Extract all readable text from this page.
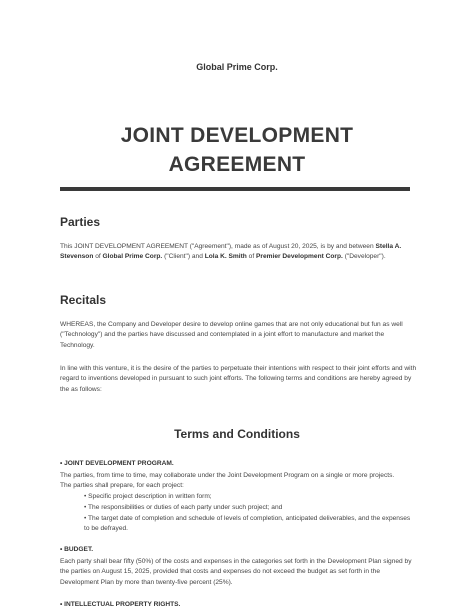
Global Prime Corp.
JOINT DEVELOPMENT
AGREEMENT
Parties
This JOINT DEVELOPMENT AGREEMENT ("Agreement"), made as of August 20, 2025, is by and between Stella A. Stevenson of Global Prime Corp. ("Client") and Lola K. Smith of Premier Development Corp. ("Developer").
Recitals
WHEREAS, the Company and Developer desire to develop online games that are not only educational but fun as well ("Technology") and the parties have discussed and contemplated in a joint effort to manufacture and market the Technology.
In line with this venture, it is the desire of the parties to perpetuate their intentions with respect to their joint efforts and with regard to inventions developed in pursuant to such joint efforts. The following terms and conditions are hereby agreed by the as follows:
Terms and Conditions
• JOINT DEVELOPMENT PROGRAM.
The parties, from time to time, may collaborate under the Joint Development Program on a single or more projects.
The parties shall prepare, for each project:
• Specific project description in written form;
• The responsibilities or duties of each party under such project; and
• The target date of completion and schedule of levels of completion, anticipated deliverables, and the expenses to be defrayed.
• BUDGET.
Each party shall bear fifty (50%) of the costs and expenses in the categories set forth in the Development Plan signed by the parties on August 15, 2025, provided that costs and expenses do not exceed the budget as set forth in the Development Plan by more than twenty-five percent (25%).
• INTELLECTUAL PROPERTY RIGHTS.
